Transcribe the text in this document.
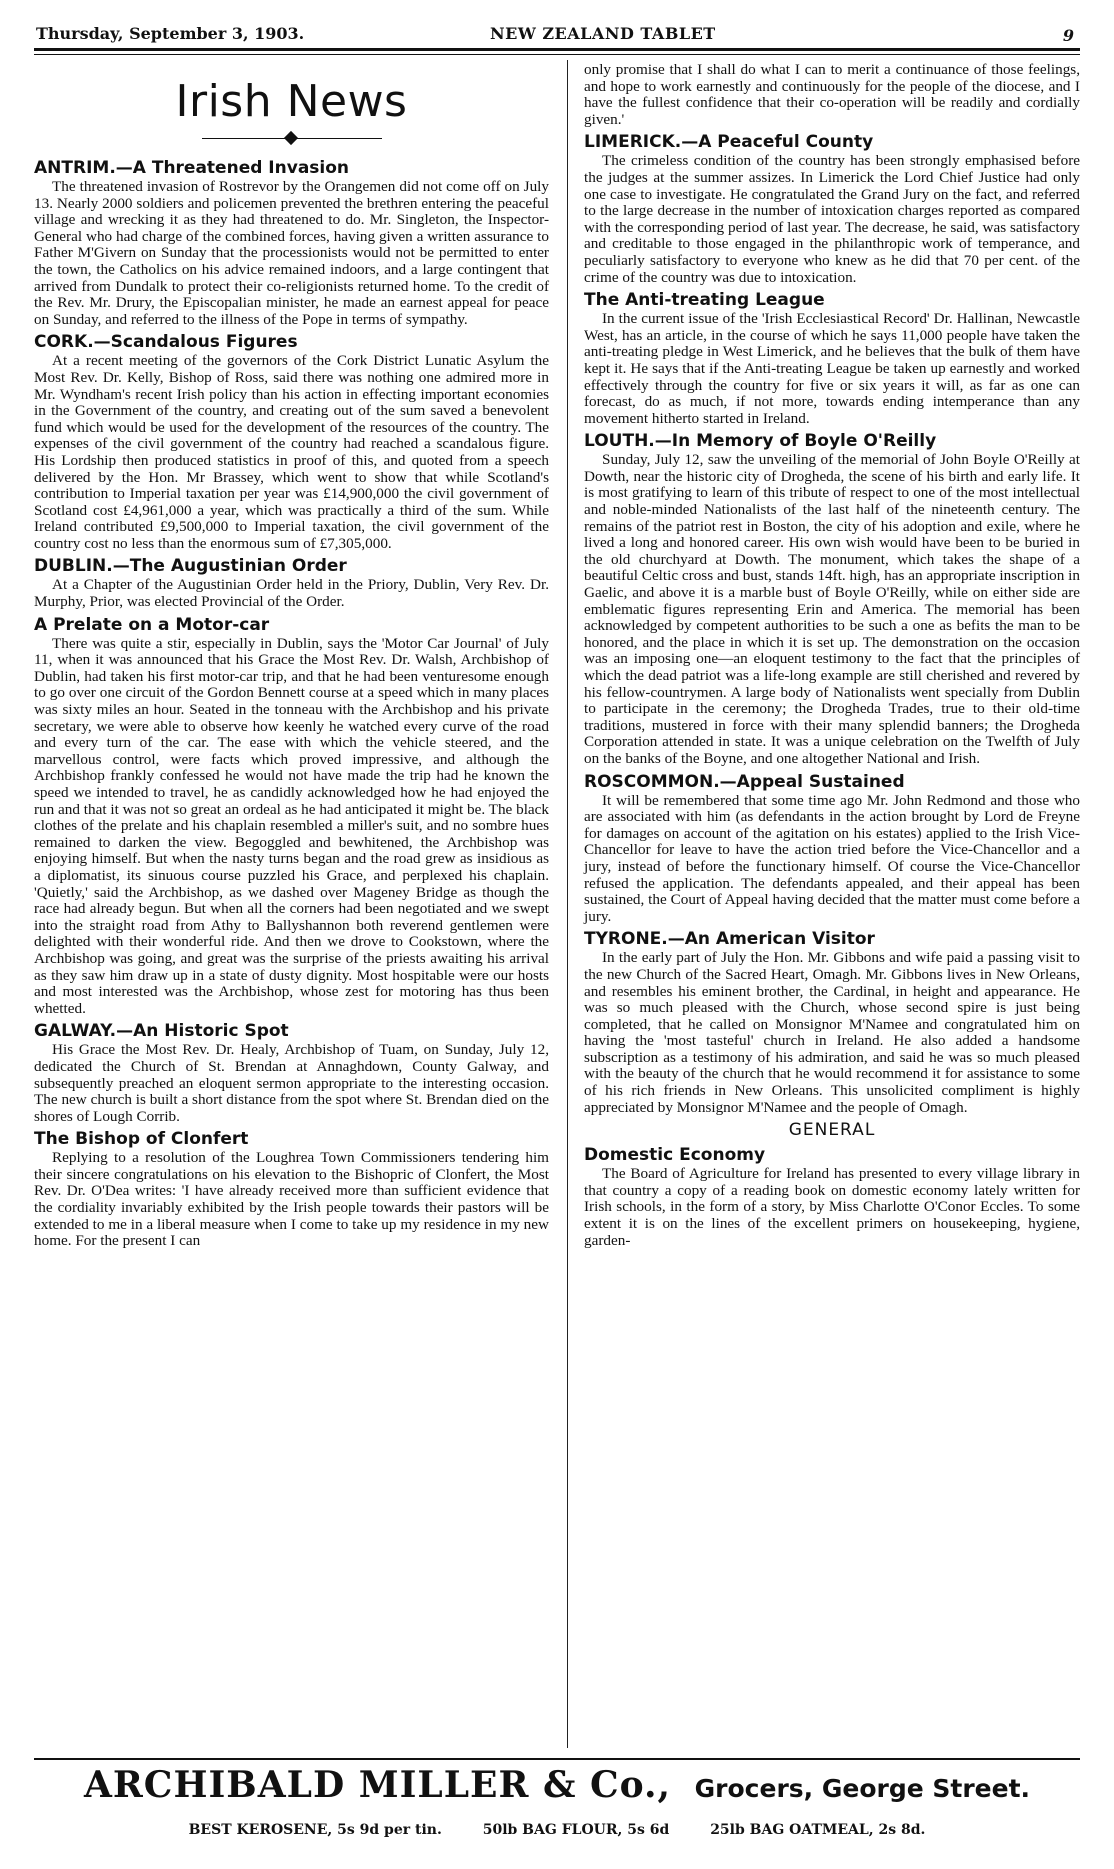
Thursday, September 3, 1903.	NEW ZEALAND TABLET	9
Irish News
ANTRIM.—A Threatened Invasion

The threatened invasion of Rostrevor by the Orangemen did not come off on July 13. Nearly 2000 soldiers and policemen prevented the brethren entering the peaceful village and wrecking it as they had threatened to do. Mr. Singleton, the Inspector-General who had charge of the combined forces, having given a written assurance to Father M'Givern on Sunday that the processionists would not be permitted to enter the town, the Catholics on his advice remained indoors, and a large contingent that arrived from Dundalk to protect their co-religionists returned home. To the credit of the Rev. Mr. Drury, the Episcopalian minister, he made an earnest appeal for peace on Sunday, and referred to the illness of the Pope in terms of sympathy.

CORK.—Scandalous Figures

At a recent meeting of the governors of the Cork District Lunatic Asylum the Most Rev. Dr. Kelly, Bishop of Ross, said there was nothing one admired more in Mr. Wyndham's recent Irish policy than his action in effecting important economies in the Government of the country, and creating out of the sum saved a benevolent fund which would be used for the development of the resources of the country. The expenses of the civil government of the country had reached a scandalous figure. His Lordship then produced statistics in proof of this, and quoted from a speech delivered by the Hon. Mr Brassey, which went to show that while Scotland's contribution to Imperial taxation per year was £14,900,000 the civil government of Scotland cost £4,961,000 a year, which was practically a third of the sum. While Ireland contributed £9,500,000 to Imperial taxation, the civil government of the country cost no less than the enormous sum of £7,305,000.

DUBLIN.—The Augustinian Order

At a Chapter of the Augustinian Order held in the Priory, Dublin, Very Rev. Dr. Murphy, Prior, was elected Provincial of the Order.

A Prelate on a Motor-car

There was quite a stir, especially in Dublin, says the 'Motor Car Journal' of July 11, when it was announced that his Grace the Most Rev. Dr. Walsh, Archbishop of Dublin, had taken his first motor-car trip, and that he had been venturesome enough to go over one circuit of the Gordon Bennett course at a speed which in many places was sixty miles an hour. Seated in the tonneau with the Archbishop and his private secretary, we were able to observe how keenly he watched every curve of the road and every turn of the car. The ease with which the vehicle steered, and the marvellous control, were facts which proved impressive, and although the Archbishop frankly confessed he would not have made the trip had he known the speed we intended to travel, he as candidly acknowledged how he had enjoyed the run and that it was not so great an ordeal as he had anticipated it might be. The black clothes of the prelate and his chaplain resembled a miller's suit, and no sombre hues remained to darken the view. Begoggled and bewhitened, the Archbishop was enjoying himself. But when the nasty turns began and the road grew as insidious as a diplomatist, its sinuous course puzzled his Grace, and perplexed his chaplain. 'Quietly,' said the Archbishop, as we dashed over Mageney Bridge as though the race had already begun. But when all the corners had been negotiated and we swept into the straight road from Athy to Ballyshannon both reverend gentlemen were delighted with their wonderful ride. And then we drove to Cookstown, where the Archbishop was going, and great was the surprise of the priests awaiting his arrival as they saw him draw up in a state of dusty dignity. Most hospitable were our hosts and most interested was the Archbishop, whose zest for motoring has thus been whetted.

GALWAY.—An Historic Spot

His Grace the Most Rev. Dr. Healy, Archbishop of Tuam, on Sunday, July 12, dedicated the Church of St. Brendan at Annaghdown, County Galway, and subsequently preached an eloquent sermon appropriate to the interesting occasion. The new church is built a short distance from the spot where St. Brendan died on the shores of Lough Corrib.

The Bishop of Clonfert

Replying to a resolution of the Loughrea Town Commissioners tendering him their sincere congratulations on his elevation to the Bishopric of Clonfert, the Most Rev. Dr. O'Dea writes: 'I have already received more than sufficient evidence that the cordiality invariably exhibited by the Irish people towards their pastors will be extended to me in a liberal measure when I come to take up my residence in my new home. For the present I can

only promise that I shall do what I can to merit a continuance of those feelings, and hope to work earnestly and continuously for the people of the diocese, and I have the fullest confidence that their co-operation will be readily and cordially given.'

LIMERICK.—A Peaceful County

The crimeless condition of the country has been strongly emphasised before the judges at the summer assizes. In Limerick the Lord Chief Justice had only one case to investigate. He congratulated the Grand Jury on the fact, and referred to the large decrease in the number of intoxication charges reported as compared with the corresponding period of last year. The decrease, he said, was satisfactory and creditable to those engaged in the philanthropic work of temperance, and peculiarly satisfactory to everyone who knew as he did that 70 per cent. of the crime of the country was due to intoxication.

The Anti-treating League

In the current issue of the 'Irish Ecclesiastical Record' Dr. Hallinan, Newcastle West, has an article, in the course of which he says 11,000 people have taken the anti-treating pledge in West Limerick, and he believes that the bulk of them have kept it. He says that if the Anti-treating League be taken up earnestly and worked effectively through the country for five or six years it will, as far as one can forecast, do as much, if not more, towards ending intemperance than any movement hitherto started in Ireland.

LOUTH.—In Memory of Boyle O'Reilly

Sunday, July 12, saw the unveiling of the memorial of John Boyle O'Reilly at Dowth, near the historic city of Drogheda, the scene of his birth and early life. It is most gratifying to learn of this tribute of respect to one of the most intellectual and noble-minded Nationalists of the last half of the nineteenth century. The remains of the patriot rest in Boston, the city of his adoption and exile, where he lived a long and honored career. His own wish would have been to be buried in the old churchyard at Dowth. The monument, which takes the shape of a beautiful Celtic cross and bust, stands 14ft. high, has an appropriate inscription in Gaelic, and above it is a marble bust of Boyle O'Reilly, while on either side are emblematic figures representing Erin and America. The memorial has been acknowledged by competent authorities to be such a one as befits the man to be honored, and the place in which it is set up. The demonstration on the occasion was an imposing one—an eloquent testimony to the fact that the principles of which the dead patriot was a life-long example are still cherished and revered by his fellow-countrymen. A large body of Nationalists went specially from Dublin to participate in the ceremony; the Drogheda Trades, true to their old-time traditions, mustered in force with their many splendid banners; the Drogheda Corporation attended in state. It was a unique celebration on the Twelfth of July on the banks of the Boyne, and one altogether National and Irish.

ROSCOMMON.—Appeal Sustained

It will be remembered that some time ago Mr. John Redmond and those who are associated with him (as defendants in the action brought by Lord de Freyne for damages on account of the agitation on his estates) applied to the Irish Vice-Chancellor for leave to have the action tried before the Vice-Chancellor and a jury, instead of before the functionary himself. Of course the Vice-Chancellor refused the application. The defendants appealed, and their appeal has been sustained, the Court of Appeal having decided that the matter must come before a jury.

TYRONE.—An American Visitor

In the early part of July the Hon. Mr. Gibbons and wife paid a passing visit to the new Church of the Sacred Heart, Omagh. Mr. Gibbons lives in New Orleans, and resembles his eminent brother, the Cardinal, in height and appearance. He was so much pleased with the Church, whose second spire is just being completed, that he called on Monsignor M'Namee and congratulated him on having the 'most tasteful' church in Ireland. He also added a handsome subscription as a testimony of his admiration, and said he was so much pleased with the beauty of the church that he would recommend it for assistance to some of his rich friends in New Orleans. This unsolicited compliment is highly appreciated by Monsignor M'Namee and the people of Omagh.

GENERAL
Domestic Economy

The Board of Agriculture for Ireland has presented to every village library in that country a copy of a reading book on domestic economy lately written for Irish schools, in the form of a story, by Miss Charlotte O'Conor Eccles. To some extent it is on the lines of the excellent primers on housekeeping, hygiene, garden-

ARCHIBALD MILLER & Co., Grocers, George Street.
BEST KEROSENE, 5s 9d per tin.	50lb BAG FLOUR, 5s 6d	25lb BAG OATMEAL, 2s 8d.
